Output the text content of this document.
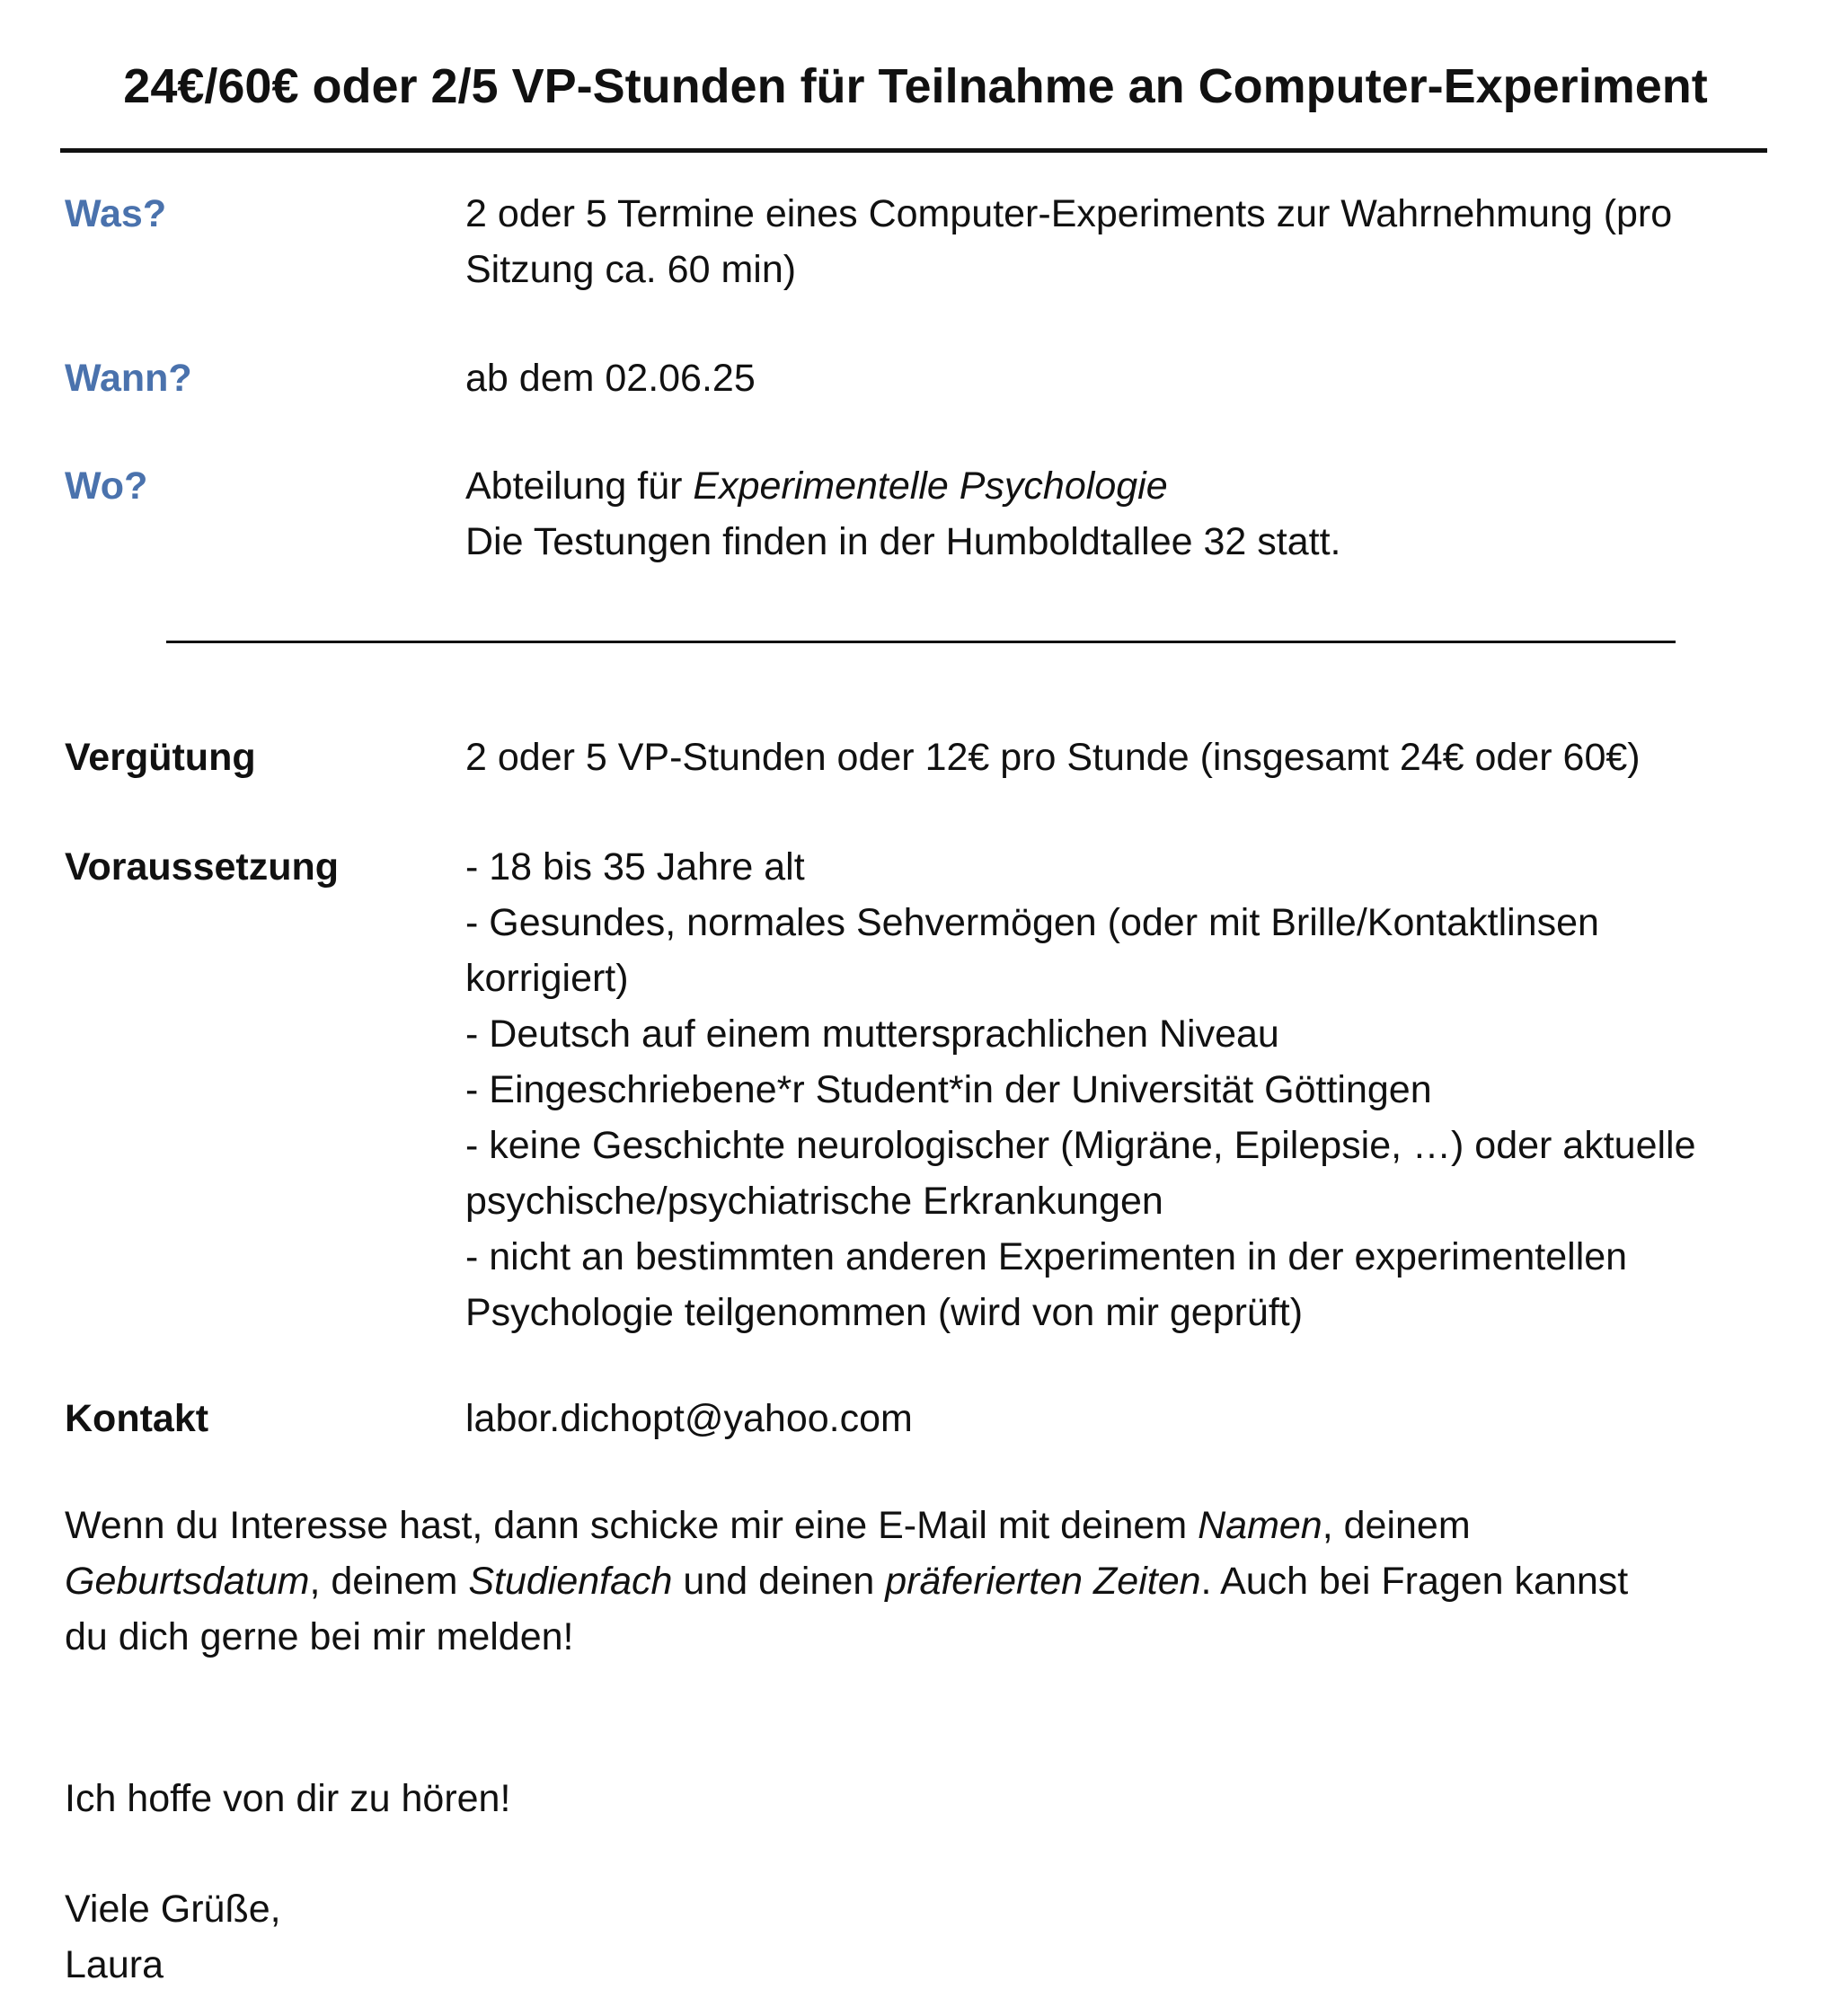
24€/60€ oder 2/5 VP-Stunden für Teilnahme an Computer-Experiment
Was?	2 oder 5 Termine eines Computer-Experiments zur Wahrnehmung (pro
Sitzung ca. 60 min)
Wann?	ab dem 02.06.25
Wo?	Abteilung für Experimentelle Psychologie
Die Testungen finden in der Humboldtallee 32 statt.
Vergütung	2 oder 5 VP-Stunden oder 12€ pro Stunde (insgesamt 24€ oder 60€)
Voraussetzung	- 18 bis 35 Jahre alt
- Gesundes, normales Sehvermögen (oder mit Brille/Kontaktlinsen
korrigiert)
- Deutsch auf einem muttersprachlichen Niveau
- Eingeschriebene*r Student*in der Universität Göttingen
- keine Geschichte neurologischer (Migräne, Epilepsie, …) oder aktuelle
psychische/psychiatrische Erkrankungen
- nicht an bestimmten anderen Experimenten in der experimentellen
Psychologie teilgenommen (wird von mir geprüft)
Kontakt	labor.dichopt@yahoo.com
Wenn du Interesse hast, dann schicke mir eine E-Mail mit deinem Namen, deinem
Geburtsdatum, deinem Studienfach und deinen präferierten Zeiten. Auch bei Fragen kannst
du dich gerne bei mir melden!
Ich hoffe von dir zu hören!
Viele Grüße,
Laura
